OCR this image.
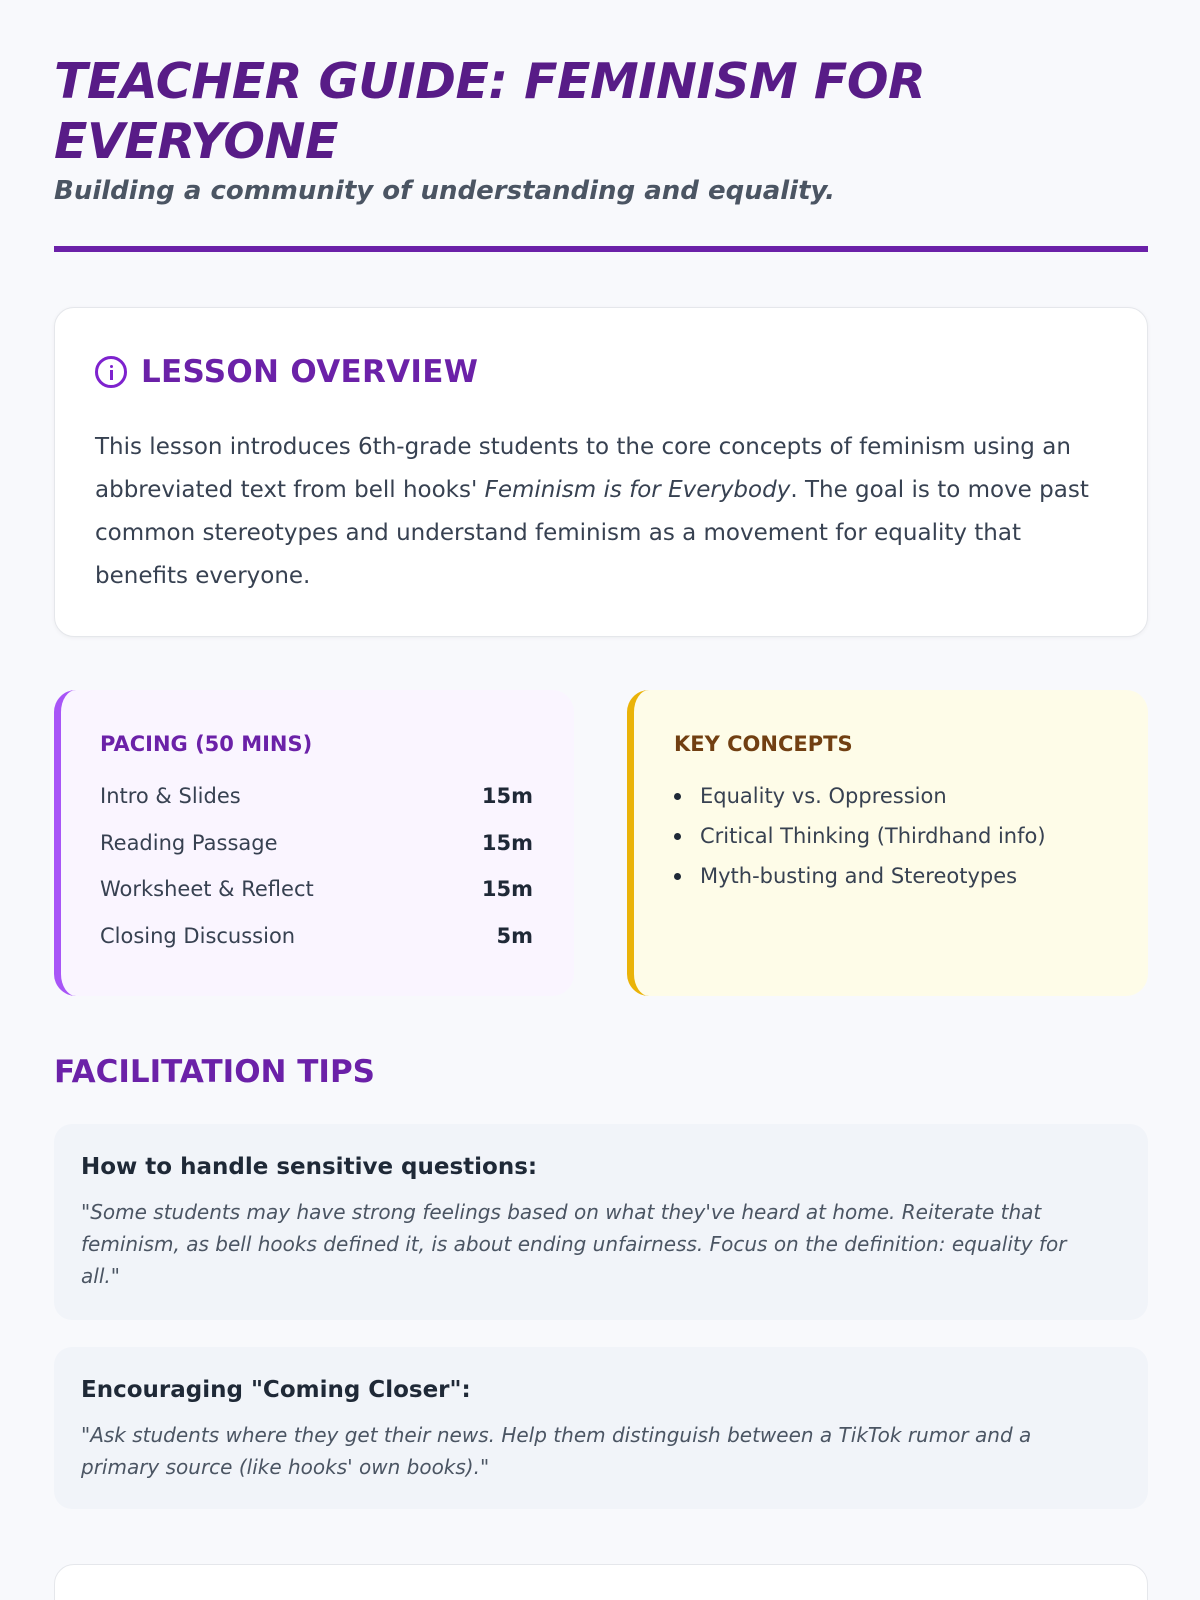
TEACHER GUIDE: FEMINISM FOR EVERYONE
Building a community of understanding and equality.
LESSON OVERVIEW

This lesson introduces 6th-grade students to the core concepts of feminism using an abbreviated text from bell hooks' Feminism is for Everybody. The goal is to move past common stereotypes and understand feminism as a movement for equality that benefits everyone.

PACING (50 MINS)
Intro & Slides	15m
Reading Passage	15m
Worksheet & Reflect	15m
Closing Discussion	5m
KEY CONCEPTS
Equality vs. Oppression
Critical Thinking (Thirdhand info)
Myth-busting and Stereotypes
FACILITATION TIPS
How to handle sensitive questions:
"Some students may have strong feelings based on what they've heard at home. Reiterate that feminism, as bell hooks defined it, is about ending unfairness. Focus on the definition: equality for all."
Encouraging "Coming Closer":
"Ask students where they get their news. Help them distinguish between a TikTok rumor and a primary source (like hooks' own books)."
